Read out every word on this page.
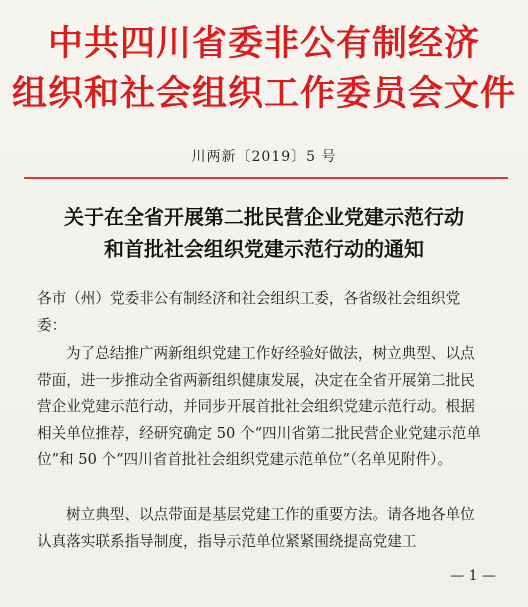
中共四川省委非公有制经济
组织和社会组织工作委员会文件
川两新〔2019〕5 号
关于在全省开展第二批民营企业党建示范行动
和首批社会组织党建示范行动的通知

各市（州）党委非公有制经济和社会组织工委，各省级社会组织党委：

为了总结推广两新组织党建工作好经验好做法，树立典型、以点带面，进一步推动全省两新组织健康发展，决定在全省开展第二批民营企业党建示范行动，并同步开展首批社会组织党建示范行动。根据相关单位推荐，经研究确定 50 个“四川省第二批民营企业党建示范单位”和 50 个“四川省首批社会组织党建示范单位”（名单见附件）。

树立典型、以点带面是基层党建工作的重要方法。请各地各单位认真落实联系指导制度，指导示范单位紧紧围绕提高党建工

— 1 —
